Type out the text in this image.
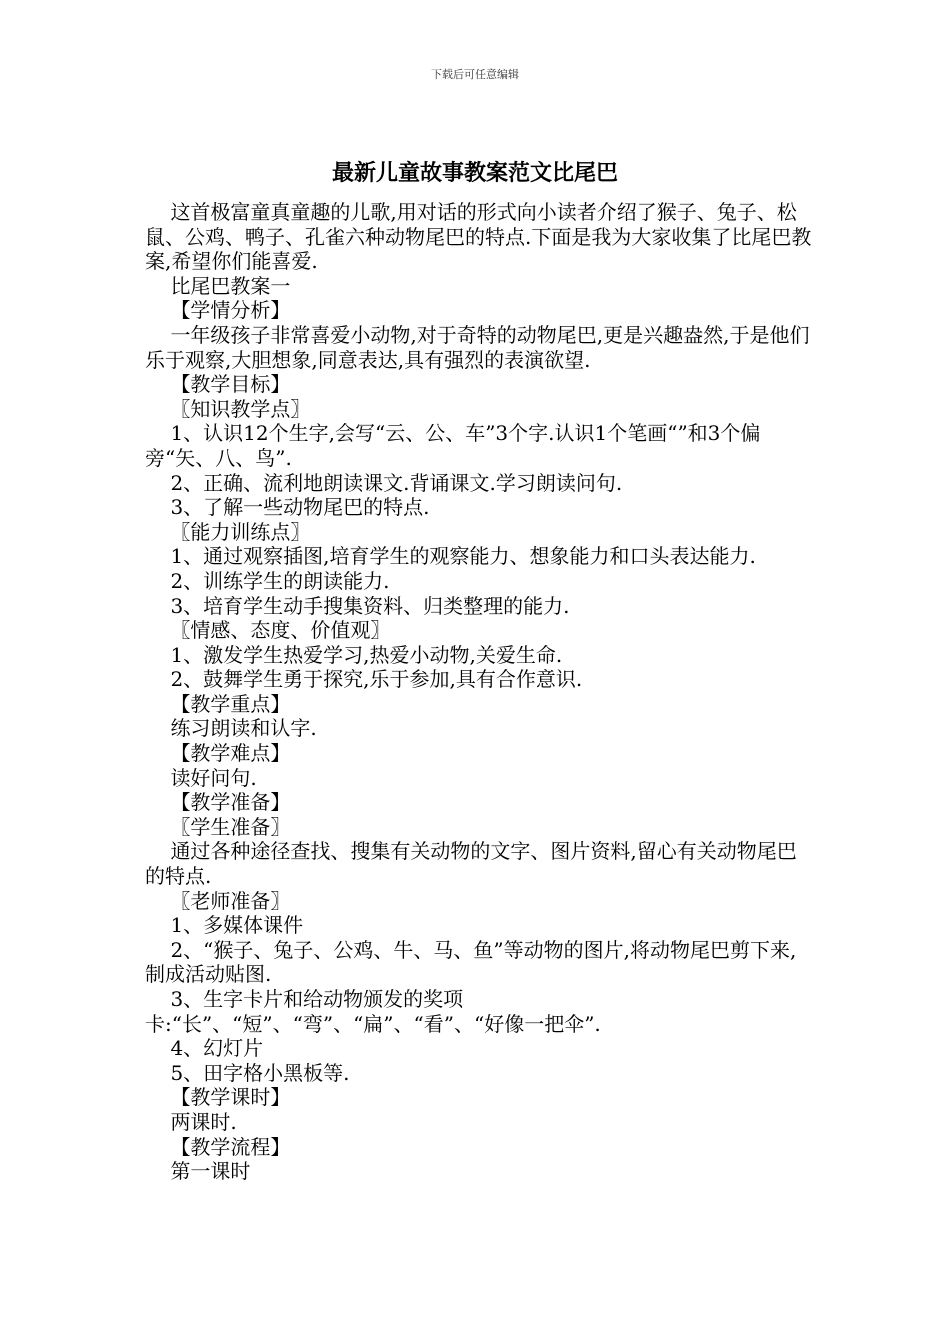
下载后可任意编辑
最新儿童故事教案范文比尾巴

这首极富童真童趣的儿歌,用对话的形式向小读者介绍了猴子、兔子、松鼠、公鸡、鸭子、孔雀六种动物尾巴的特点.下面是我为大家收集了比尾巴教案,希望你们能喜爱.

比尾巴教案一

【学情分析】

一年级孩子非常喜爱小动物,对于奇特的动物尾巴,更是兴趣盎然,于是他们乐于观察,大胆想象,同意表达,具有强烈的表演欲望.

【教学目标】

〖知识教学点〗

1、认识12个生字,会写“云、公、车”3个字.认识1个笔画“”和3个偏旁“矢、八、鸟”.

2、正确、流利地朗读课文.背诵课文.学习朗读问句.

3、了解一些动物尾巴的特点.

〖能力训练点〗

1、通过观察插图,培育学生的观察能力、想象能力和口头表达能力.

2、训练学生的朗读能力.

3、培育学生动手搜集资料、归类整理的能力.

〖情感、态度、价值观〗

1、激发学生热爱学习,热爱小动物,关爱生命.

2、鼓舞学生勇于探究,乐于参加,具有合作意识.

【教学重点】

练习朗读和认字.

【教学难点】

读好问句.

【教学准备】

〖学生准备〗

通过各种途径查找、搜集有关动物的文字、图片资料,留心有关动物尾巴的特点.

〖老师准备〗

1、多媒体课件

2、“猴子、兔子、公鸡、牛、马、鱼”等动物的图片,将动物尾巴剪下来,制成活动贴图.

3、生字卡片和给动物颁发的奖项卡:“长”、“短”、“弯”、“扁”、“看”、“好像一把伞”.

4、幻灯片

5、田字格小黑板等.

【教学课时】

两课时.

【教学流程】

第一课时
